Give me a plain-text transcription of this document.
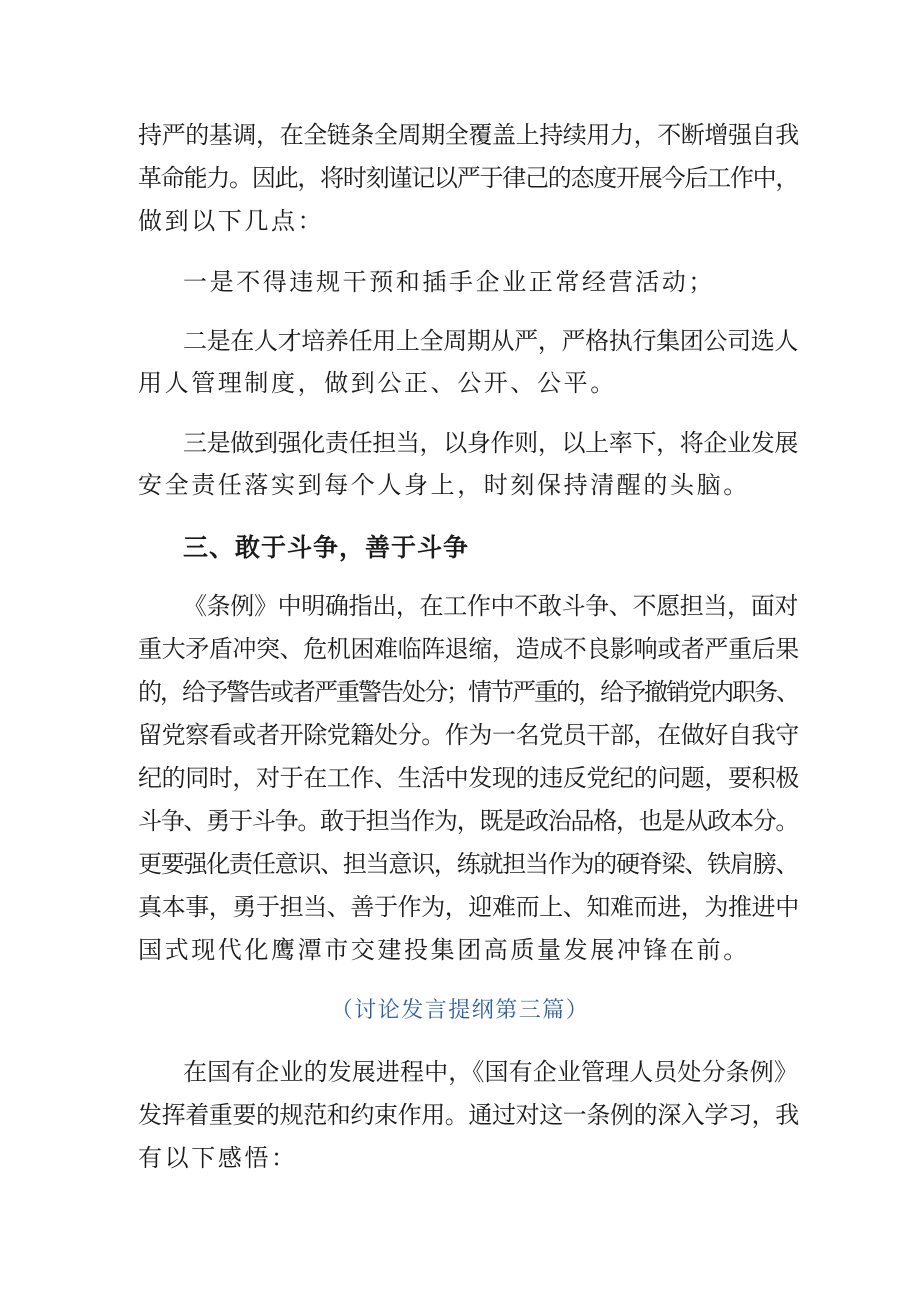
持严的基调，在全链条全周期全覆盖上持续用力，不断增强自我
革命能力。因此，将时刻谨记以严于律己的态度开展今后工作中，
做到以下几点：
一是不得违规干预和插手企业正常经营活动；
二是在人才培养任用上全周期从严，严格执行集团公司选人
用人管理制度，做到公正、公开、公平。
三是做到强化责任担当，以身作则，以上率下，将企业发展
安全责任落实到每个人身上，时刻保持清醒的头脑。
三、敢于斗争，善于斗争
《条例》中明确指出，在工作中不敢斗争、不愿担当，面对
重大矛盾冲突、危机困难临阵退缩，造成不良影响或者严重后果
的，给予警告或者严重警告处分；情节严重的，给予撤销党内职务、
留党察看或者开除党籍处分。作为一名党员干部，在做好自我守
纪的同时，对于在工作、生活中发现的违反党纪的问题，要积极
斗争、勇于斗争。敢于担当作为，既是政治品格，也是从政本分。
更要强化责任意识、担当意识，练就担当作为的硬脊梁、铁肩膀、
真本事，勇于担当、善于作为，迎难而上、知难而进，为推进中
国式现代化鹰潭市交建投集团高质量发展冲锋在前。
（讨论发言提纲第三篇）
在国有企业的发展进程中，《国有企业管理人员处分条例》
发挥着重要的规范和约束作用。通过对这一条例的深入学习，我
有以下感悟：
